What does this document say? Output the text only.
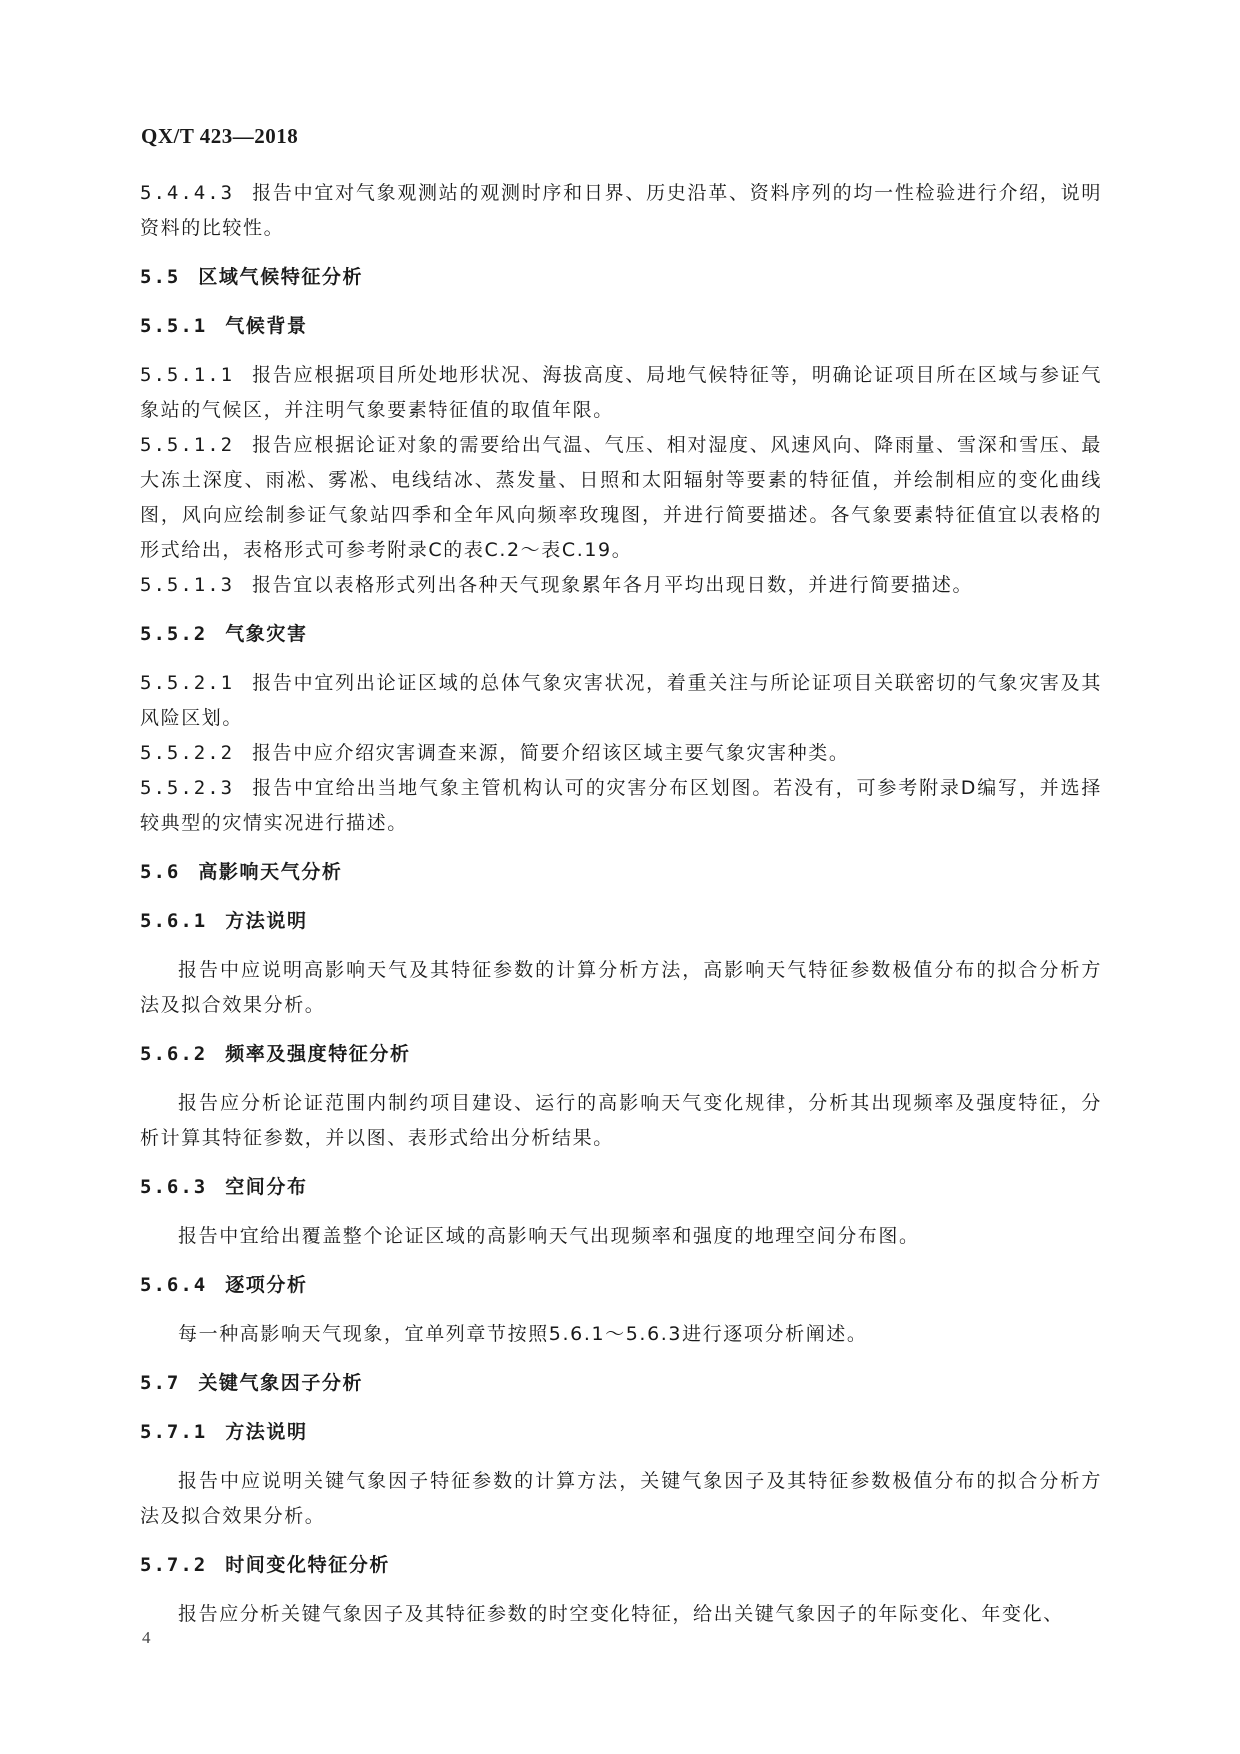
QX/T 423—2018
5.4.4.3 报告中宜对气象观测站的观测时序和日界、历史沿革、资料序列的均一性检验进行介绍，说明资料的比较性。
5.5 区域气候特征分析
5.5.1 气候背景
5.5.1.1 报告应根据项目所处地形状况、海拔高度、局地气候特征等，明确论证项目所在区域与参证气象站的气候区，并注明气象要素特征值的取值年限。
5.5.1.2 报告应根据论证对象的需要给出气温、气压、相对湿度、风速风向、降雨量、雪深和雪压、最大冻土深度、雨凇、雾凇、电线结冰、蒸发量、日照和太阳辐射等要素的特征值，并绘制相应的变化曲线图，风向应绘制参证气象站四季和全年风向频率玫瑰图，并进行简要描述。各气象要素特征值宜以表格的形式给出，表格形式可参考附录C的表C.2～表C.19。
5.5.1.3 报告宜以表格形式列出各种天气现象累年各月平均出现日数，并进行简要描述。
5.5.2 气象灾害
5.5.2.1 报告中宜列出论证区域的总体气象灾害状况，着重关注与所论证项目关联密切的气象灾害及其风险区划。
5.5.2.2 报告中应介绍灾害调查来源，简要介绍该区域主要气象灾害种类。
5.5.2.3 报告中宜给出当地气象主管机构认可的灾害分布区划图。若没有，可参考附录D编写，并选择较典型的灾情实况进行描述。
5.6 高影响天气分析
5.6.1 方法说明
报告中应说明高影响天气及其特征参数的计算分析方法，高影响天气特征参数极值分布的拟合分析方法及拟合效果分析。
5.6.2 频率及强度特征分析
报告应分析论证范围内制约项目建设、运行的高影响天气变化规律，分析其出现频率及强度特征，分析计算其特征参数，并以图、表形式给出分析结果。
5.6.3 空间分布
报告中宜给出覆盖整个论证区域的高影响天气出现频率和强度的地理空间分布图。
5.6.4 逐项分析
每一种高影响天气现象，宜单列章节按照5.6.1～5.6.3进行逐项分析阐述。
5.7 关键气象因子分析
5.7.1 方法说明
报告中应说明关键气象因子特征参数的计算方法，关键气象因子及其特征参数极值分布的拟合分析方法及拟合效果分析。
5.7.2 时间变化特征分析
报告应分析关键气象因子及其特征参数的时空变化特征，给出关键气象因子的年际变化、年变化、
4
